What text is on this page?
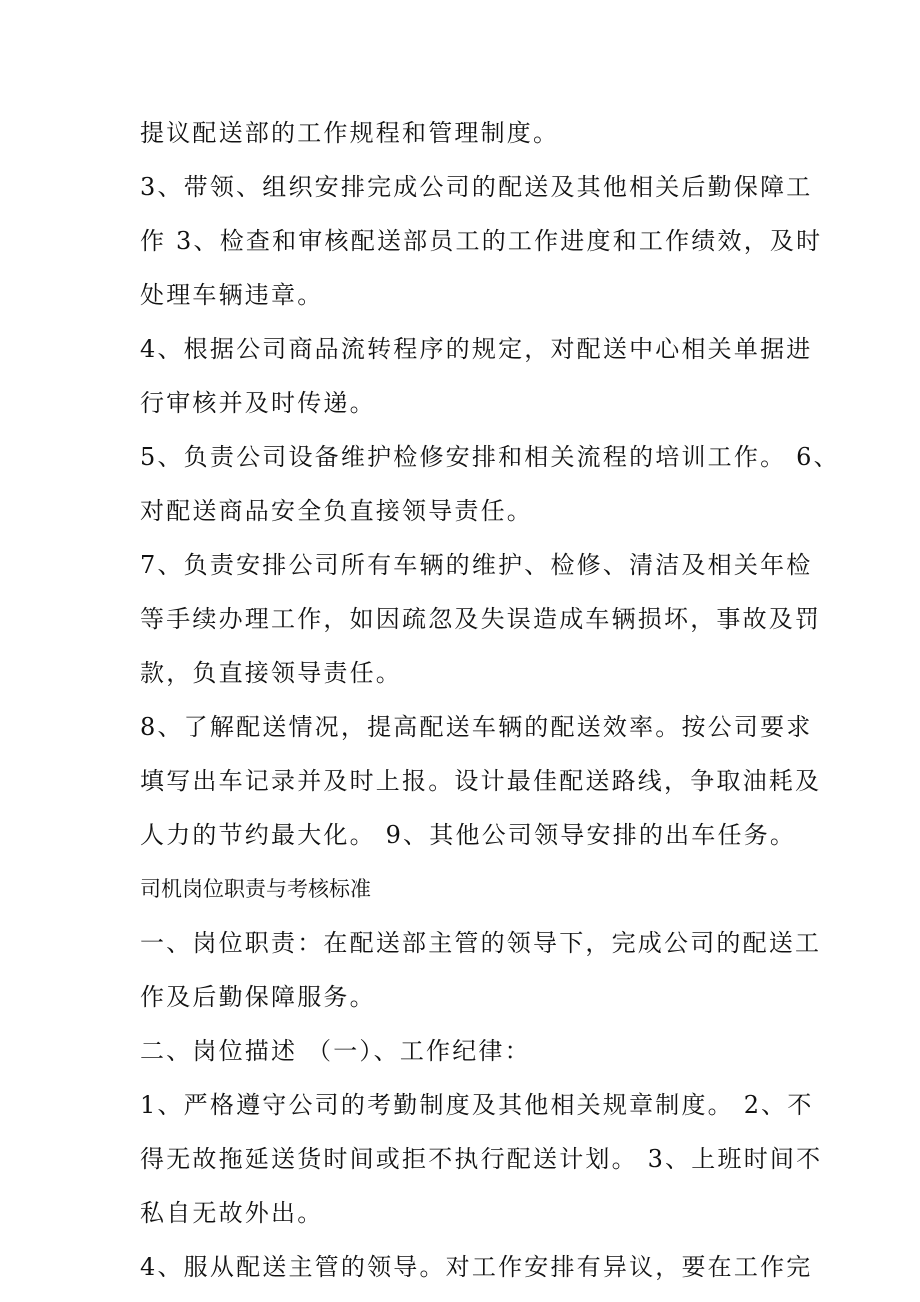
提议配送部的工作规程和管理制度。
3、带领、组织安排完成公司的配送及其他相关后勤保障工
作 3、检查和审核配送部员工的工作进度和工作绩效，及时
处理车辆违章。
4、根据公司商品流转程序的规定，对配送中心相关单据进
行审核并及时传递。
5、负责公司设备维护检修安排和相关流程的培训工作。 6、
对配送商品安全负直接领导责任。
7、负责安排公司所有车辆的维护、检修、清洁及相关年检
等手续办理工作，如因疏忽及失误造成车辆损坏，事故及罚
款，负直接领导责任。
8、了解配送情况，提高配送车辆的配送效率。按公司要求
填写出车记录并及时上报。设计最佳配送路线，争取油耗及
人力的节约最大化。 9、其他公司领导安排的出车任务。
司机岗位职责与考核标准
一、岗位职责：在配送部主管的领导下，完成公司的配送工
作及后勤保障服务。
二、岗位描述 （一）、工作纪律：
1、严格遵守公司的考勤制度及其他相关规章制度。 2、不
得无故拖延送货时间或拒不执行配送计划。 3、上班时间不
私自无故外出。
4、服从配送主管的领导。对工作安排有异议，要在工作完
